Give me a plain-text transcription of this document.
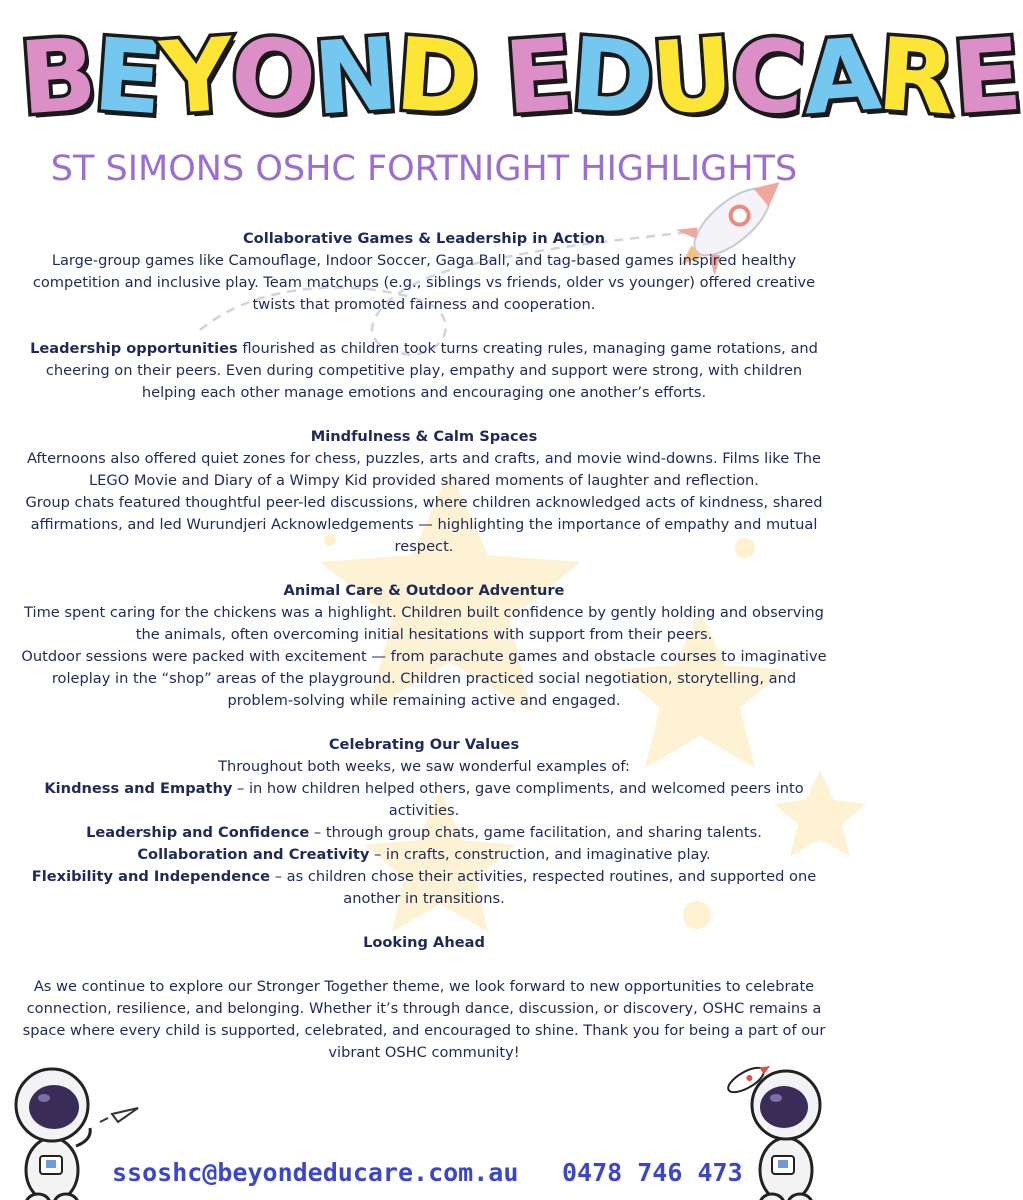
BEYOND EDUCARE
ST SIMONS OSHC FORTNIGHT HIGHLIGHTS

Collaborative Games & Leadership in Action

Large-group games like Camouflage, Indoor Soccer, Gaga Ball, and tag-based games inspired healthy competition and inclusive play. Team matchups (e.g., siblings vs friends, older vs younger) offered creative twists that promoted fairness and cooperation.

Leadership opportunities flourished as children took turns creating rules, managing game rotations, and cheering on their peers. Even during competitive play, empathy and support were strong, with children helping each other manage emotions and encouraging one another’s efforts.

Mindfulness & Calm Spaces

Afternoons also offered quiet zones for chess, puzzles, arts and crafts, and movie wind-downs. Films like The LEGO Movie and Diary of a Wimpy Kid provided shared moments of laughter and reflection.

Group chats featured thoughtful peer-led discussions, where children acknowledged acts of kindness, shared affirmations, and led Wurundjeri Acknowledgements — highlighting the importance of empathy and mutual respect.

Animal Care & Outdoor Adventure

Time spent caring for the chickens was a highlight. Children built confidence by gently holding and observing the animals, often overcoming initial hesitations with support from their peers.

Outdoor sessions were packed with excitement — from parachute games and obstacle courses to imaginative roleplay in the “shop” areas of the playground. Children practiced social negotiation, storytelling, and problem-solving while remaining active and engaged.

Celebrating Our Values

Throughout both weeks, we saw wonderful examples of:

Kindness and Empathy – in how children helped others, gave compliments, and welcomed peers into activities.

Leadership and Confidence – through group chats, game facilitation, and sharing talents.

Collaboration and Creativity – in crafts, construction, and imaginative play.

Flexibility and Independence – as children chose their activities, respected routines, and supported one another in transitions.

Looking Ahead

As we continue to explore our Stronger Together theme, we look forward to new opportunities to celebrate connection, resilience, and belonging. Whether it’s through dance, discussion, or discovery, OSHC remains a space where every child is supported, celebrated, and encouraged to shine. Thank you for being a part of our vibrant OSHC community!

ssoshc@beyondeducare.com.au 0478 746 473
